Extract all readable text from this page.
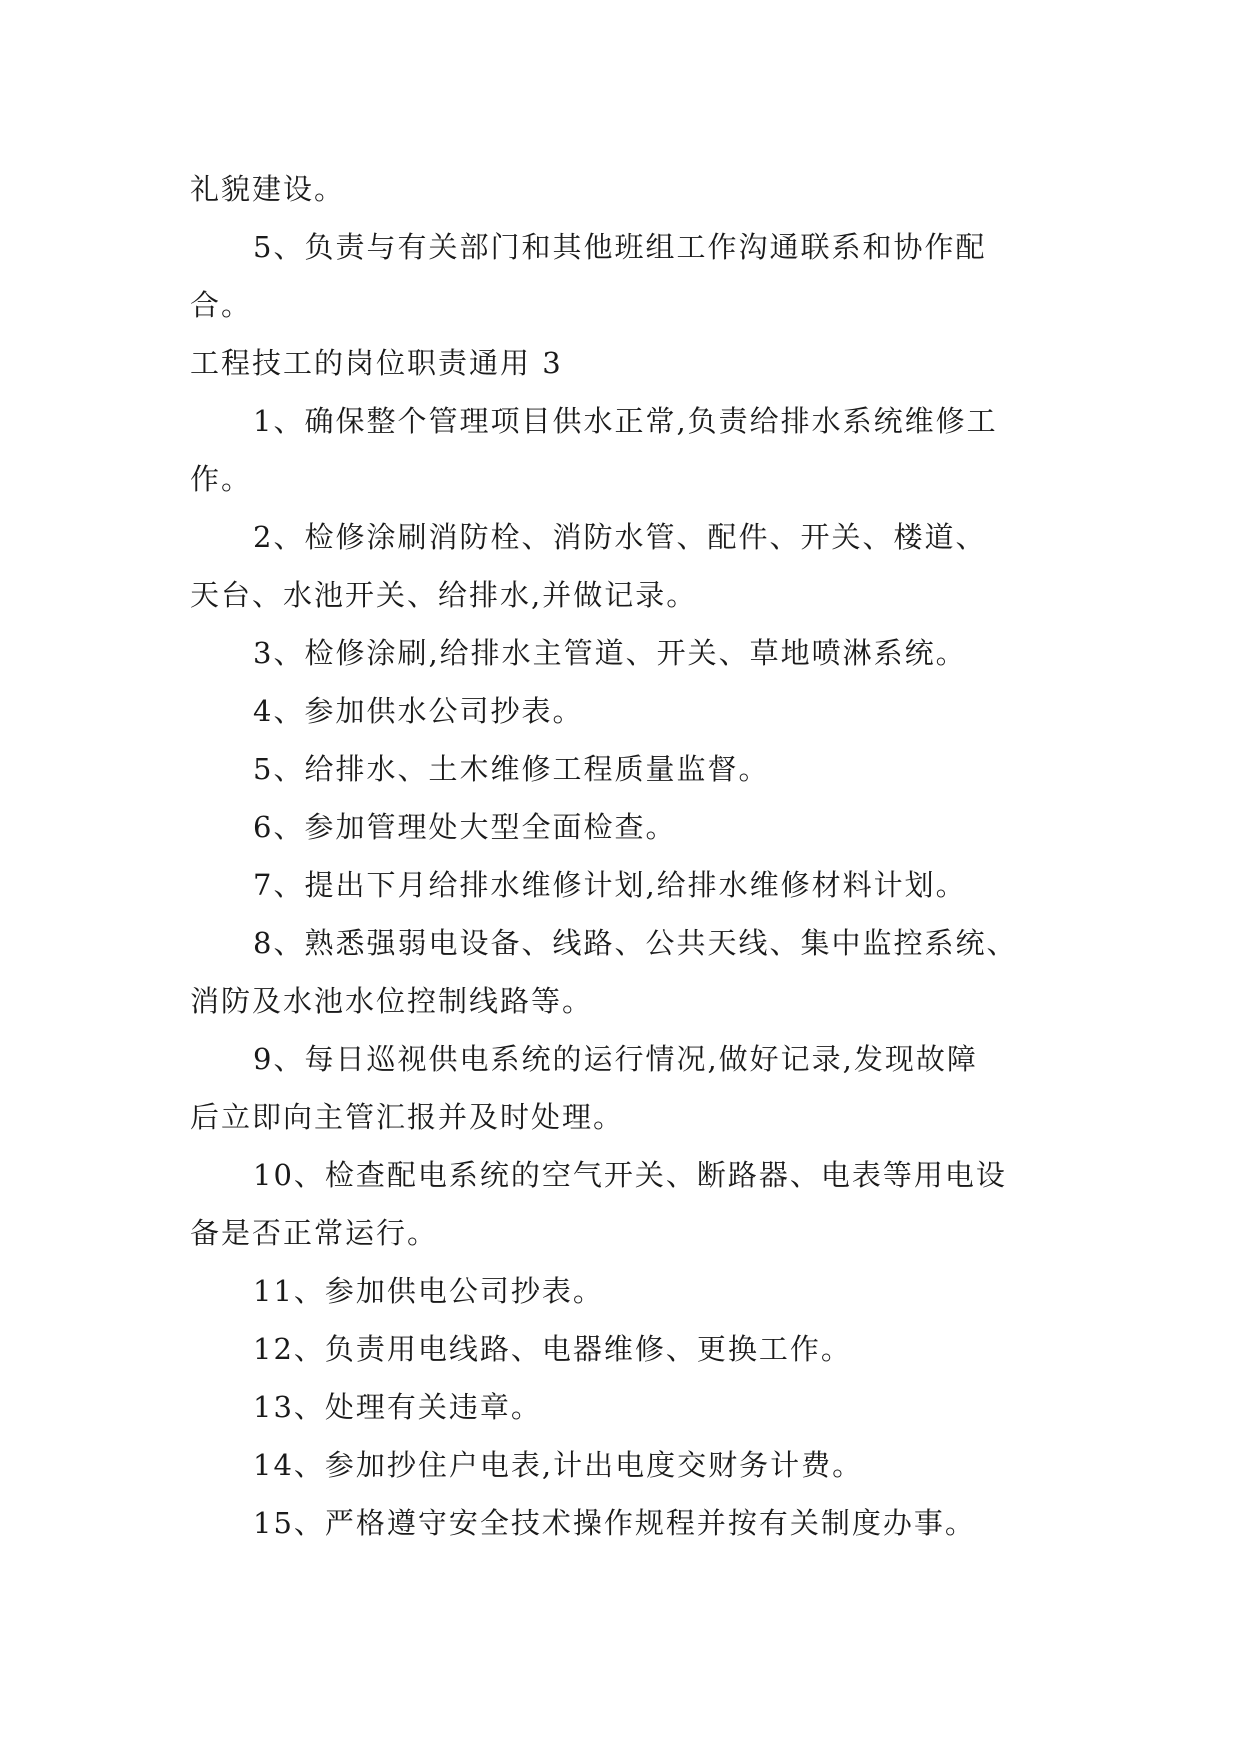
礼貌建设。
5、负责与有关部门和其他班组工作沟通联系和协作配
合。
工程技工的岗位职责通用 3
1、确保整个管理项目供水正常,负责给排水系统维修工
作。
2、检修涂刷消防栓、消防水管、配件、开关、楼道、
天台、水池开关、给排水,并做记录。
3、检修涂刷,给排水主管道、开关、草地喷淋系统。
4、参加供水公司抄表。
5、给排水、土木维修工程质量监督。
6、参加管理处大型全面检查。
7、提出下月给排水维修计划,给排水维修材料计划。
8、熟悉强弱电设备、线路、公共天线、集中监控系统、
消防及水池水位控制线路等。
9、每日巡视供电系统的运行情况,做好记录,发现故障
后立即向主管汇报并及时处理。
10、检查配电系统的空气开关、断路器、电表等用电设
备是否正常运行。
11、参加供电公司抄表。
12、负责用电线路、电器维修、更换工作。
13、处理有关违章。
14、参加抄住户电表,计出电度交财务计费。
15、严格遵守安全技术操作规程并按有关制度办事。
